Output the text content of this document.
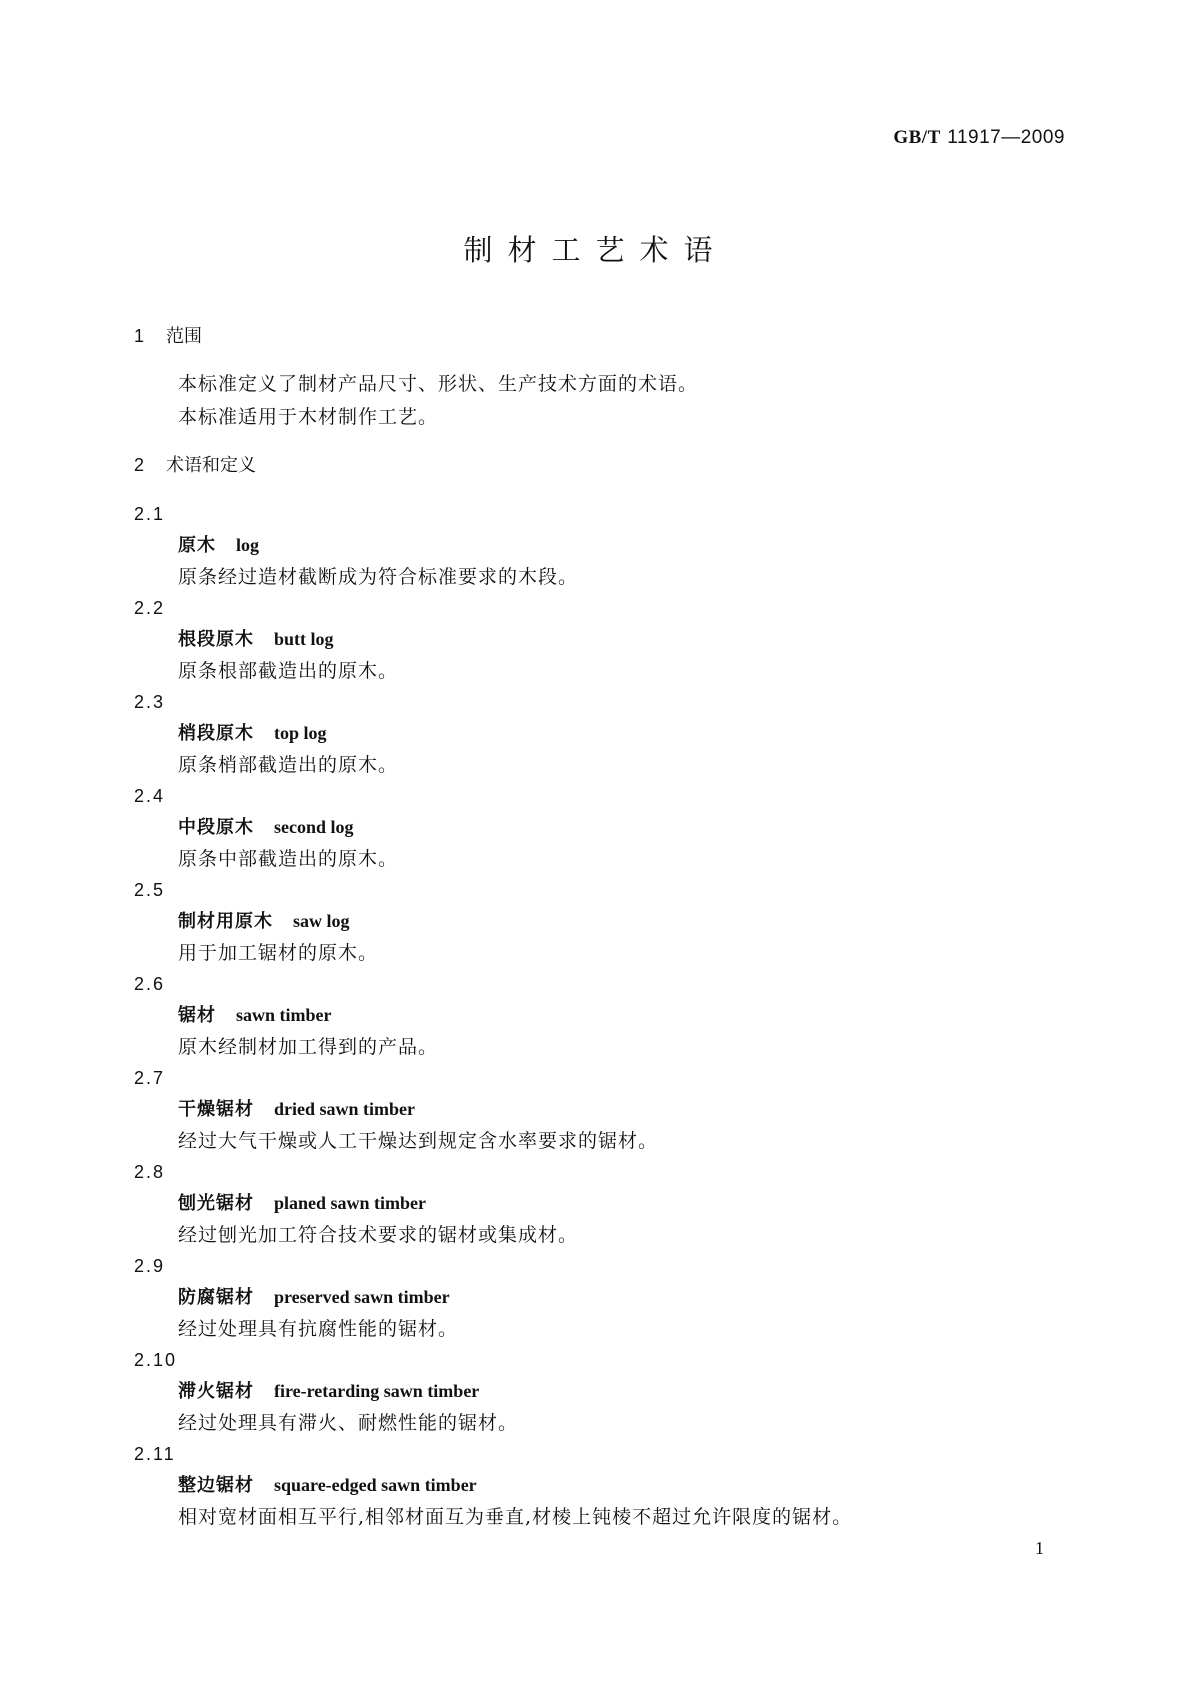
GB/T 11917—2009
制材工艺术语
1 范围
本标准定义了制材产品尺寸、形状、生产技术方面的术语。
本标准适用于木材制作工艺。
2 术语和定义
2.1
原木 log
原条经过造材截断成为符合标准要求的木段。
2.2
根段原木 butt log
原条根部截造出的原木。
2.3
梢段原木 top log
原条梢部截造出的原木。
2.4
中段原木 second log
原条中部截造出的原木。
2.5
制材用原木 saw log
用于加工锯材的原木。
2.6
锯材 sawn timber
原木经制材加工得到的产品。
2.7
干燥锯材 dried sawn timber
经过大气干燥或人工干燥达到规定含水率要求的锯材。
2.8
刨光锯材 planed sawn timber
经过刨光加工符合技术要求的锯材或集成材。
2.9
防腐锯材 preserved sawn timber
经过处理具有抗腐性能的锯材。
2.10
滞火锯材 fire-retarding sawn timber
经过处理具有滞火、耐燃性能的锯材。
2.11
整边锯材 square-edged sawn timber
相对宽材面相互平行,相邻材面互为垂直,材棱上钝棱不超过允许限度的锯材。
1
